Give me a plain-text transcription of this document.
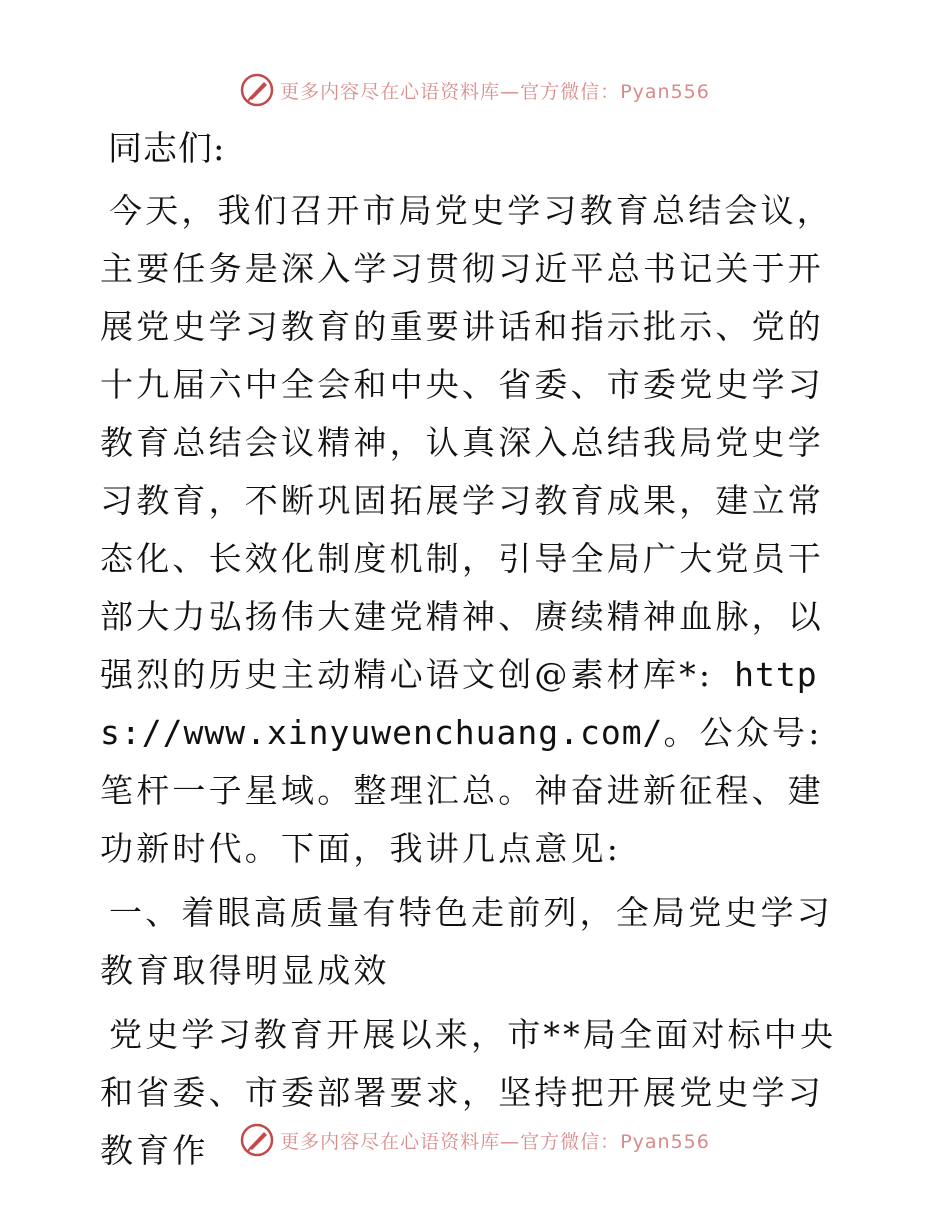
更多内容尽在心语资料库—官方微信：Pyan556

同志们:

今天，我们召开市局党史学习教育总结会议，主要任务是深入学习贯彻习近平总书记关于开展党史学习教育的重要讲话和指示批示、党的十九届六中全会和中央、省委、市委党史学习教育总结会议精神，认真深入总结我局党史学习教育，不断巩固拓展学习教育成果，建立常态化、长效化制度机制，引导全局广大党员干部大力弘扬伟大建党精神、赓续精神血脉，以强烈的历史主动精心语文创@素材库*: https://www.xinyuwenchuang.com/。公众号: 笔杆一子星域。整理汇总。神奋进新征程、建功新时代。下面，我讲几点意见:

一、着眼高质量有特色走前列，全局党史学习教育取得明显成效

党史学习教育开展以来，市**局全面对标中央和省委、市委部署要求，坚持把开展党史学习教育作	更多内容尽在心语资料库—官方微信：Pyan556
